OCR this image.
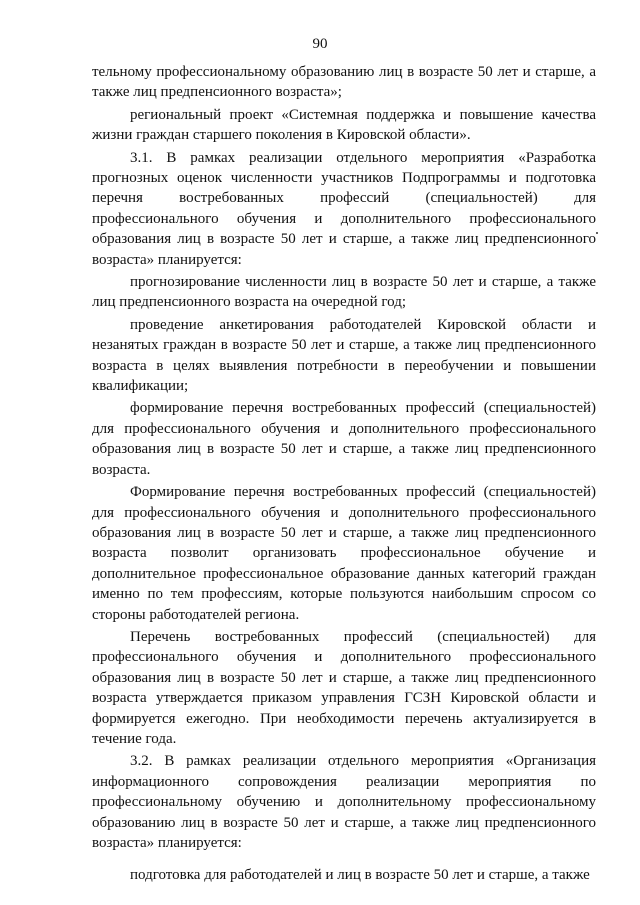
90

тельному профессиональному образованию лиц в возрасте 50 лет и старше, а также лиц предпенсионного возраста»;

региональный проект «Системная поддержка и повышение качества жизни граждан старшего поколения в Кировской области».

3.1. В рамках реализации отдельного мероприятия «Разработка прогнозных оценок численности участников Подпрограммы и подготовка перечня востребованных профессий (специальностей) для профессионального обучения и дополнительного профессионального образования лиц в возрасте 50 лет и старше, а также лиц предпенсионного возраста» планируется:

прогнозирование численности лиц в возрасте 50 лет и старше, а также лиц предпенсионного возраста на очередной год;

проведение анкетирования работодателей Кировской области и незанятых граждан в возрасте 50 лет и старше, а также лиц предпенсионного возраста в целях выявления потребности в переобучении и повышении квалификации;

формирование перечня востребованных профессий (специальностей) для профессионального обучения и дополнительного профессионального образования лиц в возрасте 50 лет и старше, а также лиц предпенсионного возраста.

Формирование перечня востребованных профессий (специальностей) для профессионального обучения и дополнительного профессионального образования лиц в возрасте 50 лет и старше, а также лиц предпенсионного возраста позволит организовать профессиональное обучение и дополнительное профессиональное образование данных категорий граждан именно по тем профессиям, которые пользуются наибольшим спросом со стороны работодателей региона.

Перечень востребованных профессий (специальностей) для профессионального обучения и дополнительного профессионального образования лиц в возрасте 50 лет и старше, а также лиц предпенсионного возраста утверждается приказом управления ГСЗН Кировской области и формируется ежегодно. При необходимости перечень актуализируется в течение года.

3.2. В рамках реализации отдельного мероприятия «Организация информационного сопровождения реализации мероприятия по профессиональному обучению и дополнительному профессиональному образованию лиц в возрасте 50 лет и старше, а также лиц предпенсионного возраста» планируется:

подготовка для работодателей и лиц в возрасте 50 лет и старше, а также
